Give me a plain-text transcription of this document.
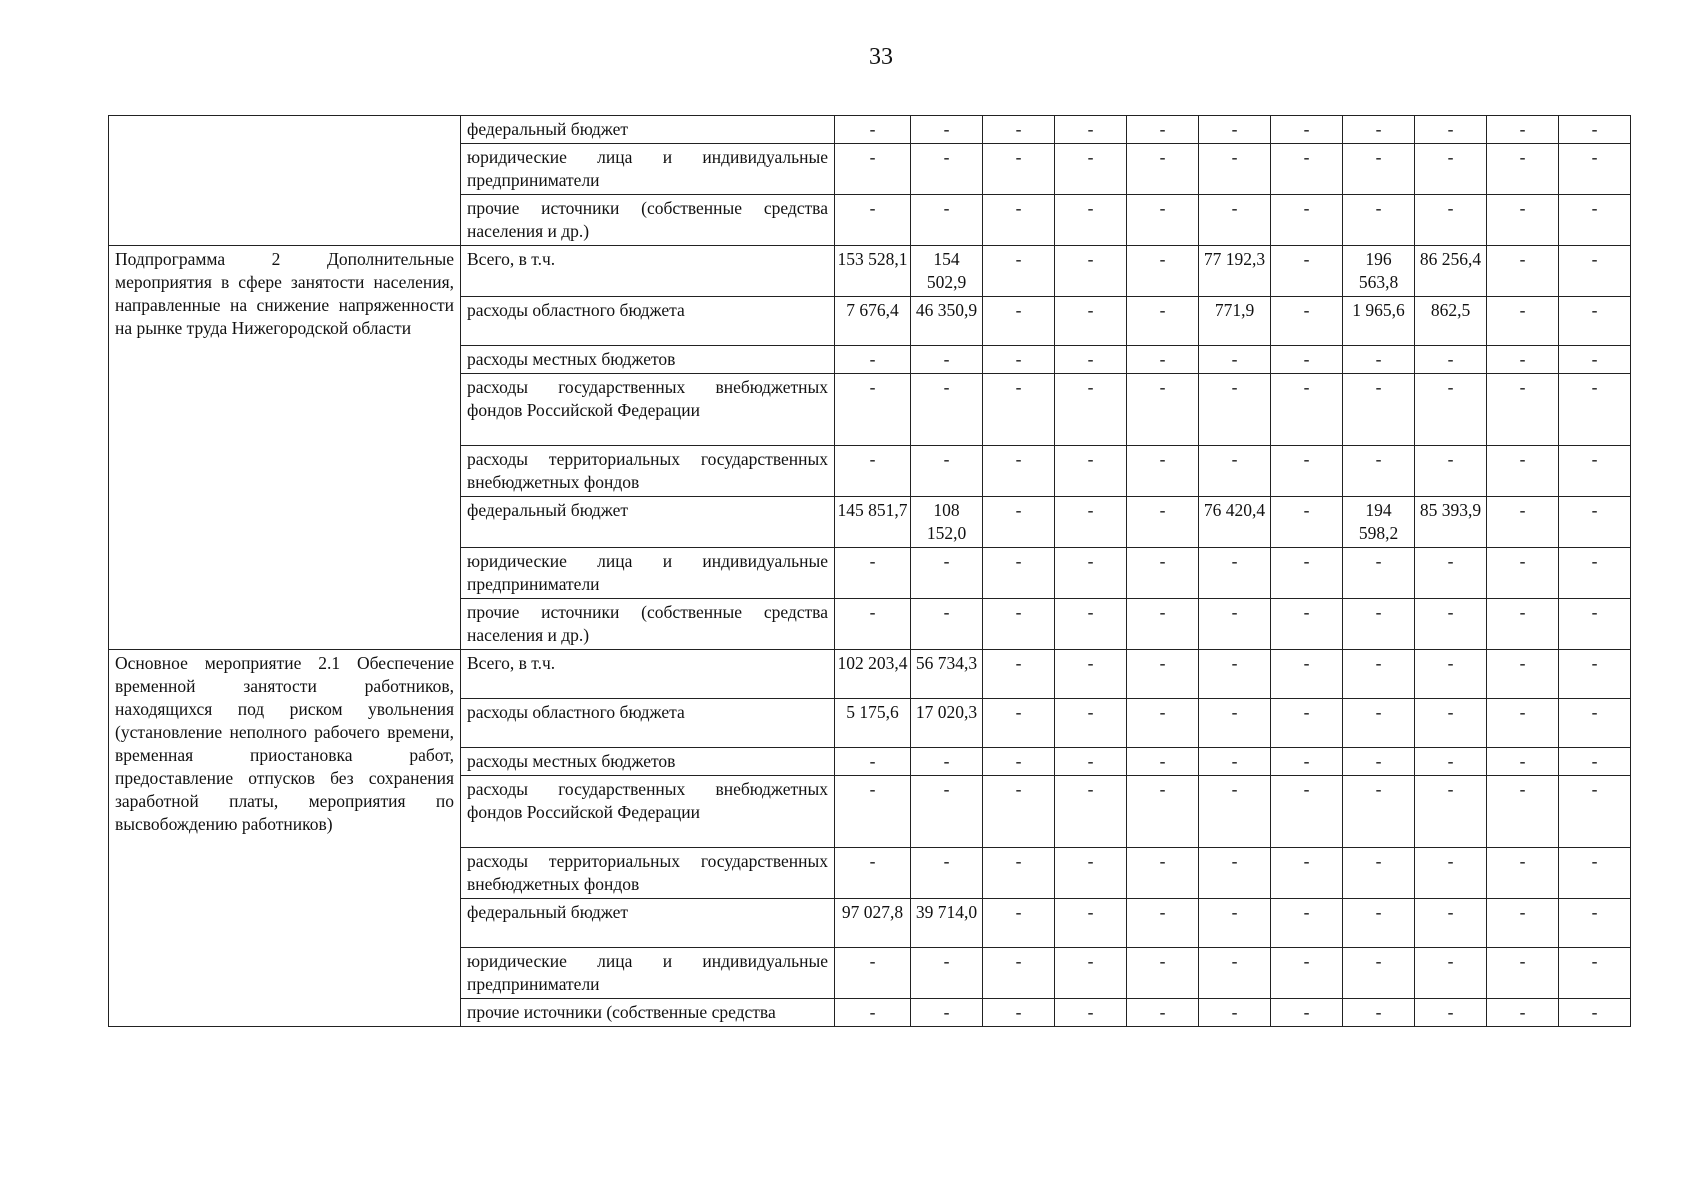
33
	федеральный бюджет	-	-	-	-	-	-	-	-	-	-	-
	юридические лица и индивидуальные предприниматели	-	-	-	-	-	-	-	-	-	-	-
	прочие источники (собственные средства населения и др.)	-	-	-	-	-	-	-	-	-	-	-
Подпрограмма 2 Дополнительные мероприятия в сфере занятости населения, направленные на снижение напряженности на рынке труда Нижегородской области	Всего, в т.ч.	153 528,1	154 502,9	-	-	-	77 192,3	-	196 563,8	86 256,4	-	-
	расходы областного бюджета	7 676,4	46 350,9	-	-	-	771,9	-	1 965,6	862,5	-	-
	расходы местных бюджетов	-	-	-	-	-	-	-	-	-	-	-
	расходы государственных внебюджетных фондов Российской Федерации	-	-	-	-	-	-	-	-	-	-	-
	расходы территориальных государственных внебюджетных фондов	-	-	-	-	-	-	-	-	-	-	-
	федеральный бюджет	145 851,7	108 152,0	-	-	-	76 420,4	-	194 598,2	85 393,9	-	-
	юридические лица и индивидуальные предприниматели	-	-	-	-	-	-	-	-	-	-	-
	прочие источники (собственные средства населения и др.)	-	-	-	-	-	-	-	-	-	-	-
Основное мероприятие 2.1 Обеспечение временной занятости работников, находящихся под риском увольнения (установление неполного рабочего времени, временная приостановка работ, предоставление отпусков без сохранения заработной платы, мероприятия по высвобождению работников)	Всего, в т.ч.	102 203,4	56 734,3	-	-	-	-	-	-	-	-	-
	расходы областного бюджета	5 175,6	17 020,3	-	-	-	-	-	-	-	-	-
	расходы местных бюджетов	-	-	-	-	-	-	-	-	-	-	-
	расходы государственных внебюджетных фондов Российской Федерации	-	-	-	-	-	-	-	-	-	-	-
	расходы территориальных государственных внебюджетных фондов	-	-	-	-	-	-	-	-	-	-	-
	федеральный бюджет	97 027,8	39 714,0	-	-	-	-	-	-	-	-	-
	юридические лица и индивидуальные предприниматели	-	-	-	-	-	-	-	-	-	-	-
	прочие источники (собственные средства	-	-	-	-	-	-	-	-	-	-	-
